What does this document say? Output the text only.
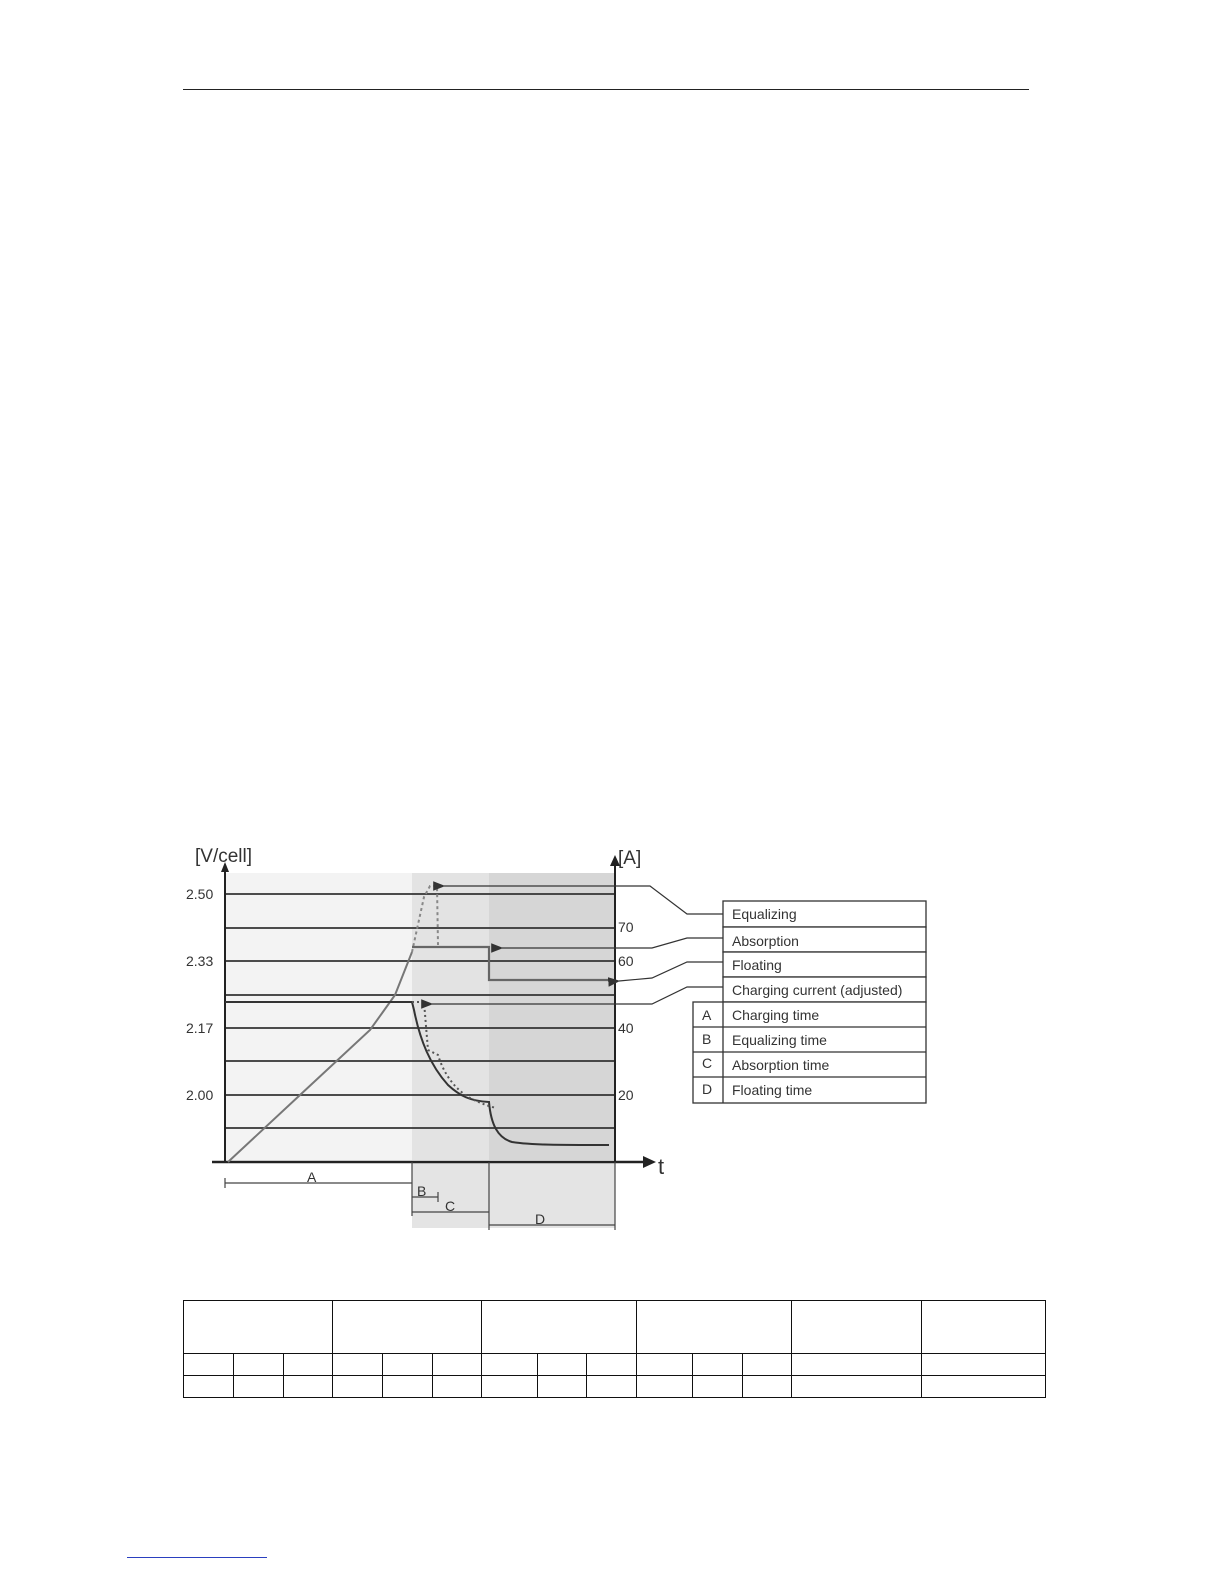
[V/cell]	[A]
t
2.50
2.33
2.17
2.00
70
60
40
20
A
B
C
D
Equalizing
Absorption
Floating
Charging current (adjusted)
A Charging time
B Equalizing time
C Absorption time
D Floating time
